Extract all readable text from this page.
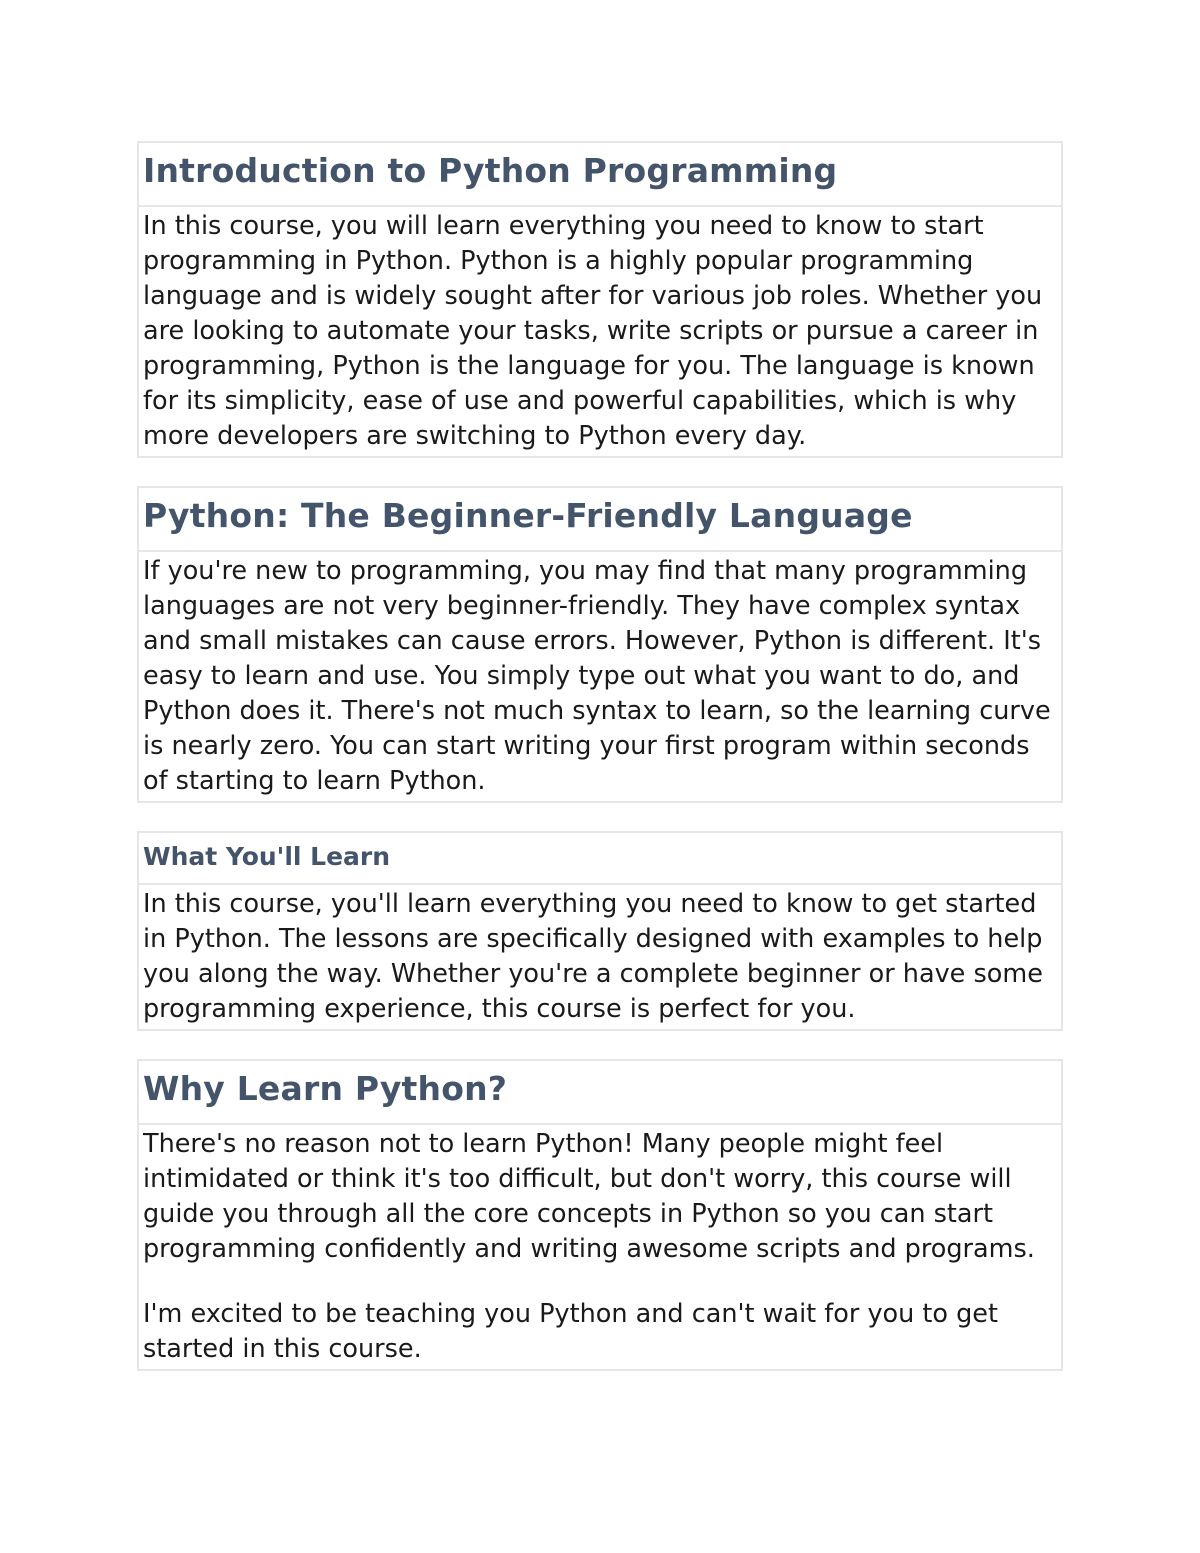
Introduction to Python Programming

In this course, you will learn everything you need to know to start programming in Python. Python is a highly popular programming language and is widely sought after for various job roles. Whether you are looking to automate your tasks, write scripts or pursue a career in programming, Python is the language for you. The language is known for its simplicity, ease of use and powerful capabilities, which is why more developers are switching to Python every day.

Python: The Beginner-Friendly Language

If you're new to programming, you may find that many programming languages are not very beginner-friendly. They have complex syntax and small mistakes can cause errors. However, Python is different. It's easy to learn and use. You simply type out what you want to do, and Python does it. There's not much syntax to learn, so the learning curve is nearly zero. You can start writing your first program within seconds of starting to learn Python.

What You'll Learn

In this course, you'll learn everything you need to know to get started in Python. The lessons are specifically designed with examples to help you along the way. Whether you're a complete beginner or have some programming experience, this course is perfect for you.

Why Learn Python?

There's no reason not to learn Python! Many people might feel intimidated or think it's too difficult, but don't worry, this course will guide you through all the core concepts in Python so you can start programming confidently and writing awesome scripts and programs.

I'm excited to be teaching you Python and can't wait for you to get started in this course.
